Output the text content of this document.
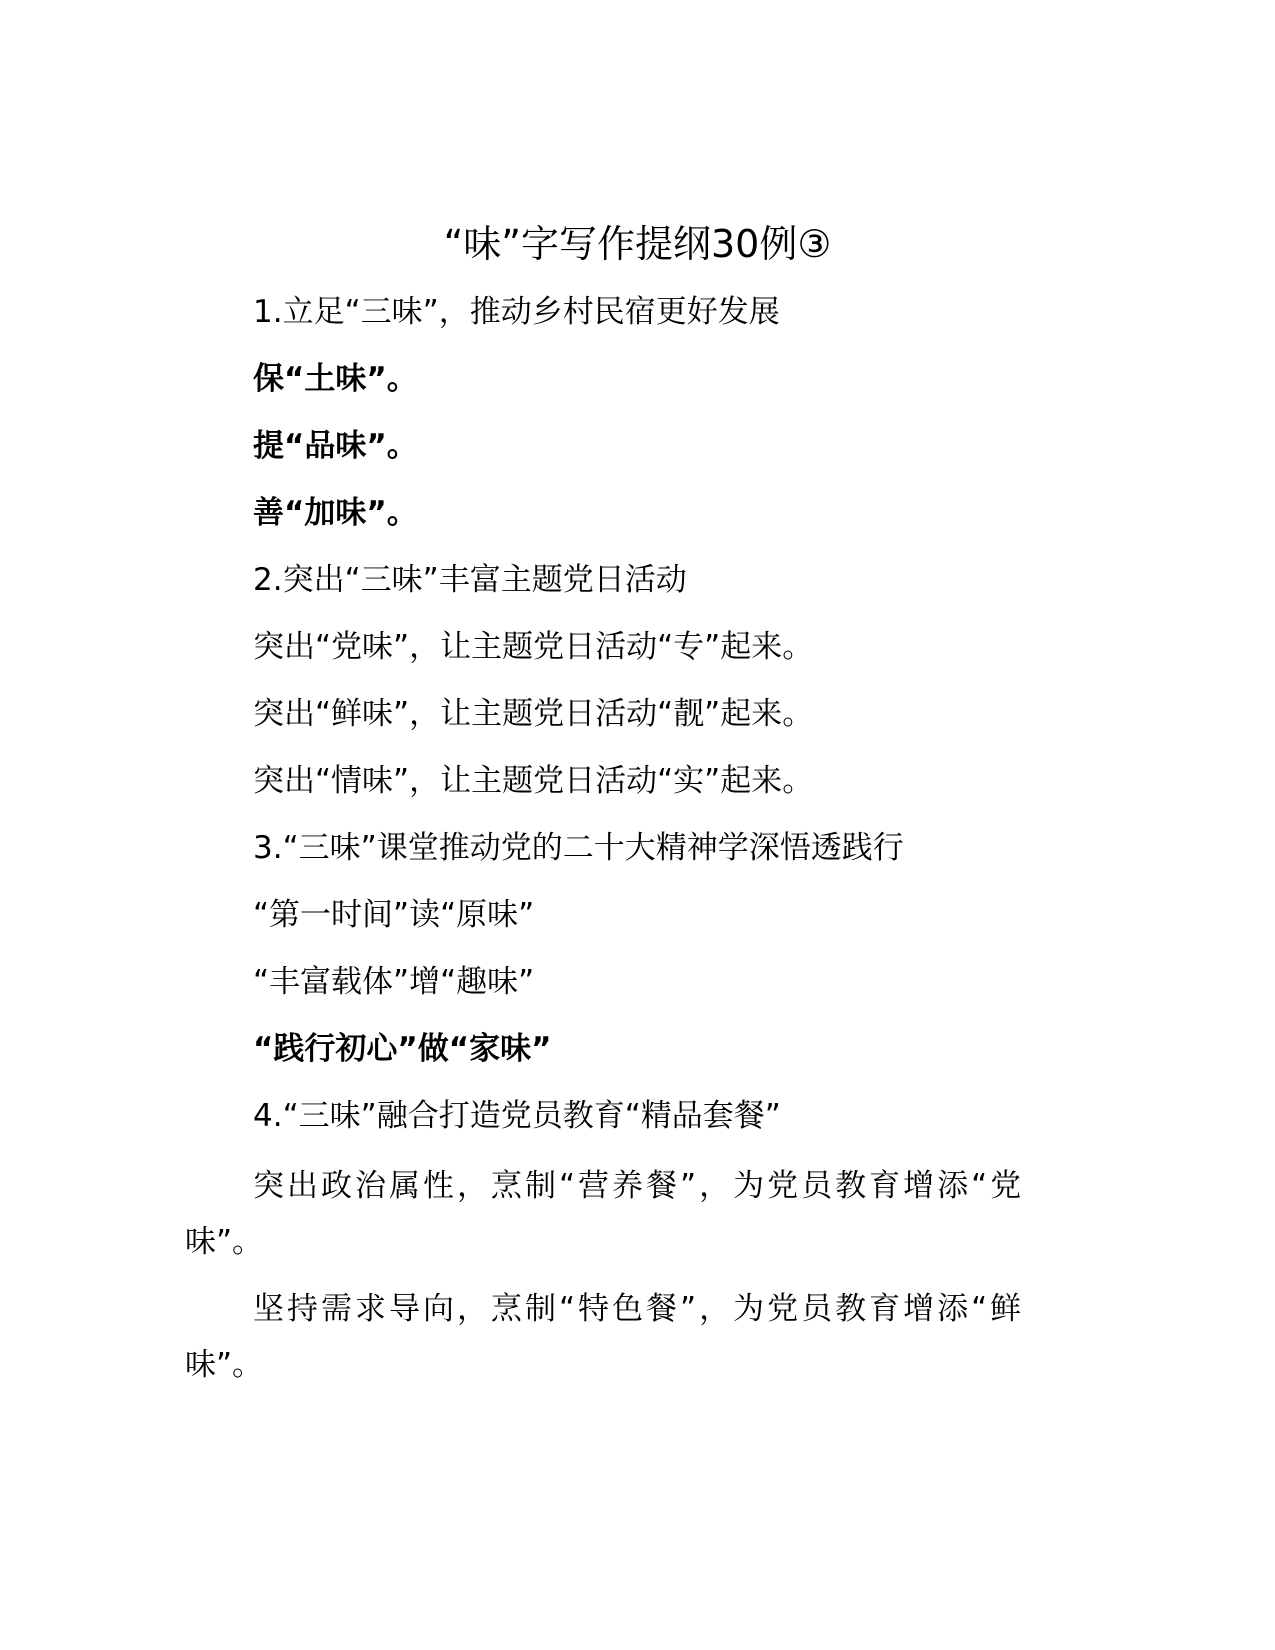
“味”字写作提纲30例③
1.立足“三味”，推动乡村民宿更好发展
保“土味”。
提“品味”。
善“加味”。
2.突出“三味”丰富主题党日活动
突出“党味”，让主题党日活动“专”起来。
突出“鲜味”，让主题党日活动“靓”起来。
突出“情味”，让主题党日活动“实”起来。
3.“三味”课堂推动党的二十大精神学深悟透践行
“第一时间”读“原味”
“丰富载体”增“趣味”
“践行初心”做“家味”
4.“三味”融合打造党员教育“精品套餐”
突出政治属性，烹制“营养餐”，为党员教育增添“党
味”。
坚持需求导向，烹制“特色餐”，为党员教育增添“鲜
味”。
